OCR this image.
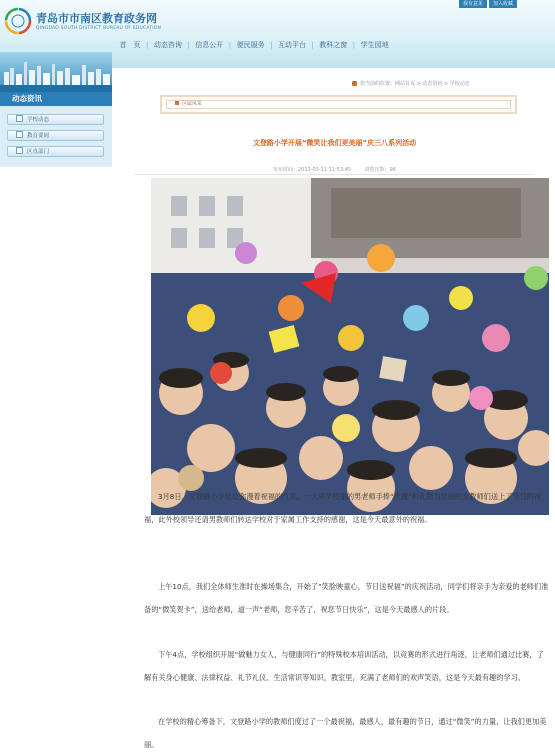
我有意见	加入收藏
青岛市市南区教育政务网
QINGDAO SOUTH DISTRICT BUREAU OF EDUCATION
首　页 | 动态咨询 | 信息公开 | 便民服务 | 互动平台 | 教科之窗 | 学生园地
动态资讯
学校动态
教育要闻
区直部门
您当前的位置：网站首页 > 动态资讯 > 学校动态
区属风采
文登路小学开展“微笑让我们更美丽”庆三八系列活动
发布时间：2013-03-11 11:53:45	浏览次数：96
3月8日，文登路小学处处弥漫着祝福的气氛。一大早学校里的男老师手捧“玫瑰”和礼物为学校的女教师们送上了节日的祝福，此外校领导还请男教师们转达学校对于家属工作支持的感谢，这是今天最意外的祝福。
上午10点，我们全体师生准时在操场集合，开始了“笑脸映童心，节日送祝福”的庆祝活动，同学们将亲手为亲爱的老师们准备的“微笑贺卡”，送给老师，道一声“老师，您辛苦了，祝您节日快乐”，这是今天最感人的片段。
下午4点，学校组织开展“做魅力女人，与健康同行”的特殊校本培训活动，以竞赛的形式进行角逐，让老师们通过比赛，了解有关身心健康、法律权益、礼节礼仪、生活常识等知识，教室里，充满了老师们的欢声笑语，这是今天最有趣的学习。
在学校的精心筹备下，文登路小学的教师们度过了一个最祝福，最感人，最有趣的节日，通过“微笑”的力量，让我们更加美丽。
